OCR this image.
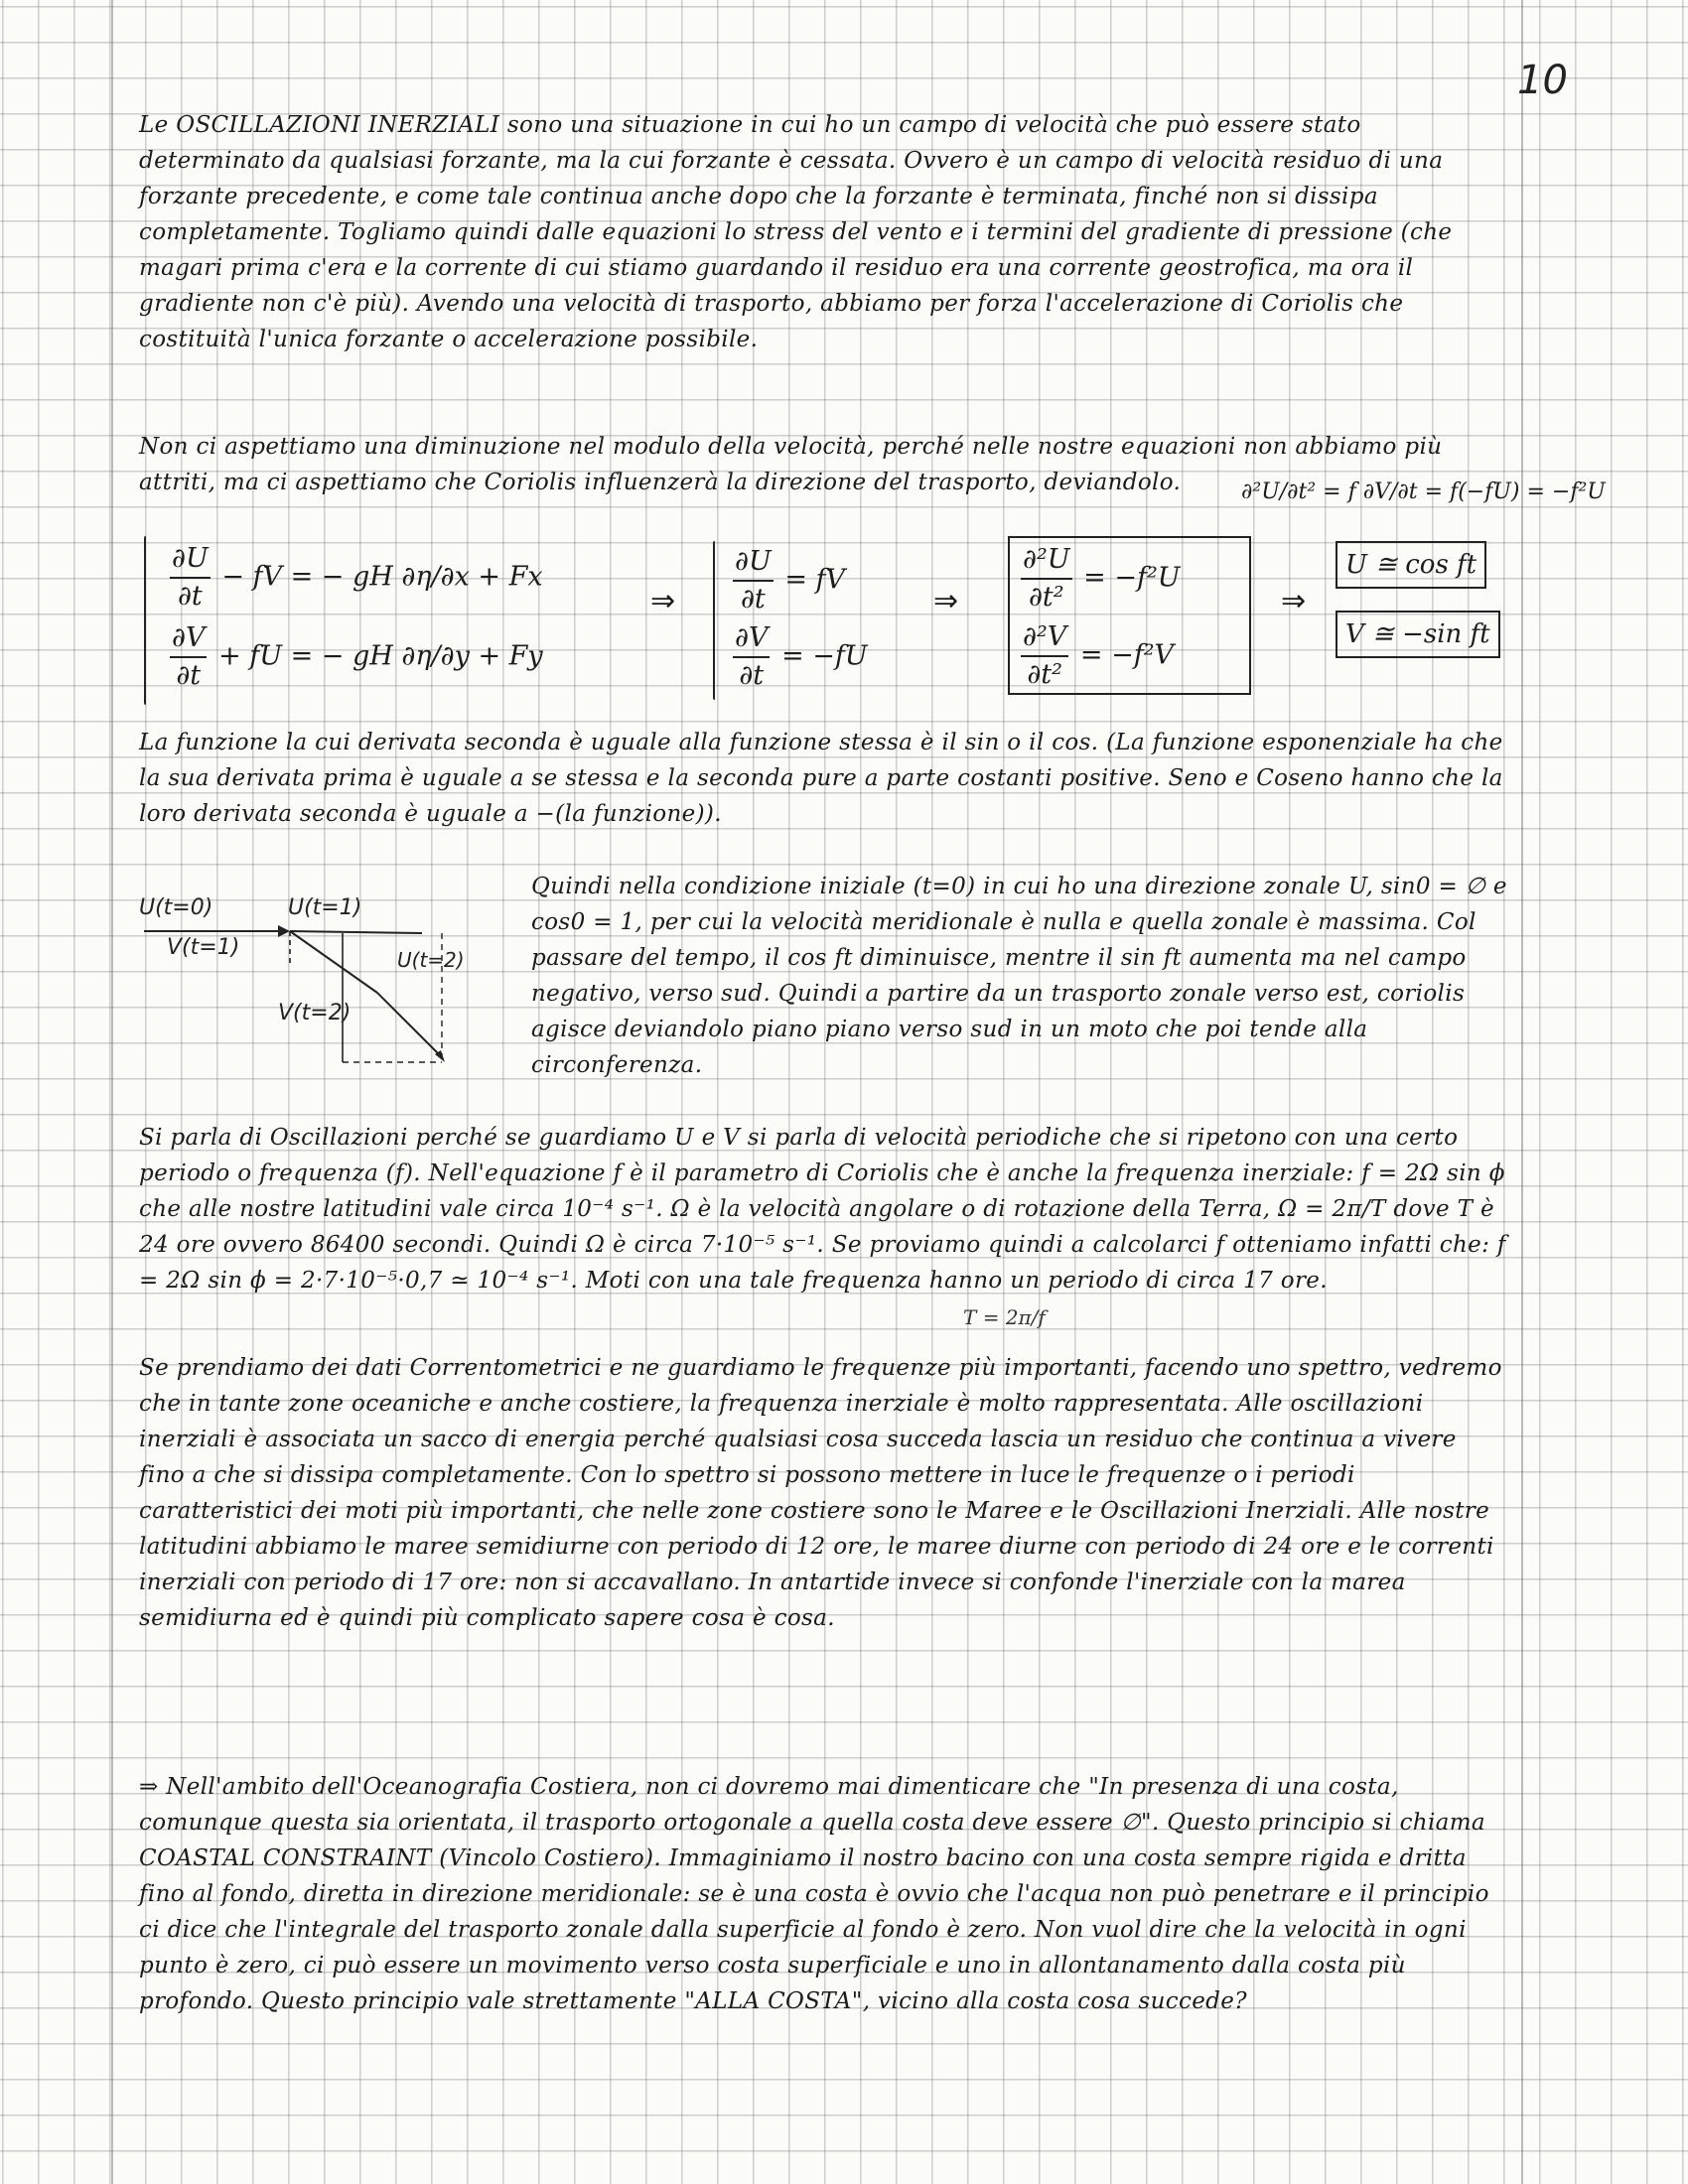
10
Le OSCILLAZIONI INERZIALI sono una situazione in cui ho un campo di velocità che può essere stato determinato da qualsiasi forzante, ma la cui forzante è cessata. Ovvero è un campo di velocità residuo di una forzante precedente, e come tale continua anche dopo che la forzante è terminata, finché non si dissipa completamente. Togliamo quindi dalle equazioni lo stress del vento e i termini del gradiente di pressione (che magari prima c'era e la corrente di cui stiamo guardando il residuo era una corrente geostrofica, ma ora il gradiente non c'è più). Avendo una velocità di trasporto, abbiamo per forza l'accelerazione di Coriolis che costituità l'unica forzante o accelerazione possibile.
Non ci aspettiamo una diminuzione nel modulo della velocità, perché nelle nostre equazioni non abbiamo più attriti, ma ci aspettiamo che Coriolis influenzerà la direzione del trasporto, deviandolo.	∂²U/∂t² = f ∂V/∂t = f(−fU) = −f²U
$\frac{\partial U}{\partial t}$ − fV = − gH ∂η/∂x + Fx
$\frac{\partial V}{\partial t}$ + fU = − gH ∂η/∂y + Fy
⇒ $\frac{\partial U}{\partial t}$ = fV
$\frac{\partial V}{\partial t} = -fU$
⇒ $\frac{\text{∂²U}}{\text{∂t²}} = -f^2U$
$\frac{\text{∂²V}}{\text{∂t²}} = -f^2V$
⇒
U ≅ cos ft
V ≅ −sin ft
La funzione la cui derivata seconda è uguale alla funzione stessa è il sin o il cos. (La funzione esponenziale ha che la sua derivata prima è uguale a se stessa e la seconda pure a parte costanti positive. Seno e Coseno hanno che la loro derivata seconda è uguale a −(la funzione)).
U(t=0)	U(t=1)
V(t=1)	U(t=2)
V(t=2)
Quindi nella condizione iniziale (t=0) in cui ho una direzione zonale U, sin0 = ∅ e cos0 = 1, per cui la velocità meridionale è nulla e quella zonale è massima. Col passare del tempo, il cos ft diminuisce, mentre il sin ft aumenta ma nel campo negativo, verso sud. Quindi a partire da un trasporto zonale verso est, coriolis agisce deviandolo piano piano verso sud in un moto che poi tende alla circonferenza.
Si parla di Oscillazioni perché se guardiamo U e V si parla di velocità periodiche che si ripetono con una certo periodo o frequenza (f). Nell'equazione f è il parametro di Coriolis che è anche la frequenza inerziale: f = 2Ω sin ϕ che alle nostre latitudini vale circa 10⁻⁴ s⁻¹. Ω è la velocità angolare o di rotazione della Terra, Ω = 2π/T dove T è 24 ore ovvero 86400 secondi. Quindi Ω è circa 7·10⁻⁵ s⁻¹. Se proviamo quindi a calcolarci f otteniamo infatti che: f = 2Ω sin ϕ = 2·7·10⁻⁵·0,7 ≃ 10⁻⁴ s⁻¹. Moti con una tale frequenza hanno un periodo di circa 17 ore.
T = 2π/f
Se prendiamo dei dati Correntometrici e ne guardiamo le frequenze più importanti, facendo uno spettro, vedremo che in tante zone oceaniche e anche costiere, la frequenza inerziale è molto rappresentata. Alle oscillazioni inerziali è associata un sacco di energia perché qualsiasi cosa succeda lascia un residuo che continua a vivere fino a che si dissipa completamente. Con lo spettro si possono mettere in luce le frequenze o i periodi caratteristici dei moti più importanti, che nelle zone costiere sono le Maree e le Oscillazioni Inerziali. Alle nostre latitudini abbiamo le maree semidiurne con periodo di 12 ore, le maree diurne con periodo di 24 ore e le correnti inerziali con periodo di 17 ore: non si accavallano. In antartide invece si confonde l'inerziale con la marea semidiurna ed è quindi più complicato sapere cosa è cosa.
⇒ Nell'ambito dell'Oceanografia Costiera, non ci dovremo mai dimenticare che "In presenza di una costa, comunque questa sia orientata, il trasporto ortogonale a quella costa deve essere ∅". Questo principio si chiama COASTAL CONSTRAINT (Vincolo Costiero). Immaginiamo il nostro bacino con una costa sempre rigida e dritta fino al fondo, diretta in direzione meridionale: se è una costa è ovvio che l'acqua non può penetrare e il principio ci dice che l'integrale del trasporto zonale dalla superficie al fondo è zero. Non vuol dire che la velocità in ogni punto è zero, ci può essere un movimento verso costa superficiale e uno in allontanamento dalla costa più profondo. Questo principio vale strettamente "ALLA COSTA", vicino alla costa cosa succede?
